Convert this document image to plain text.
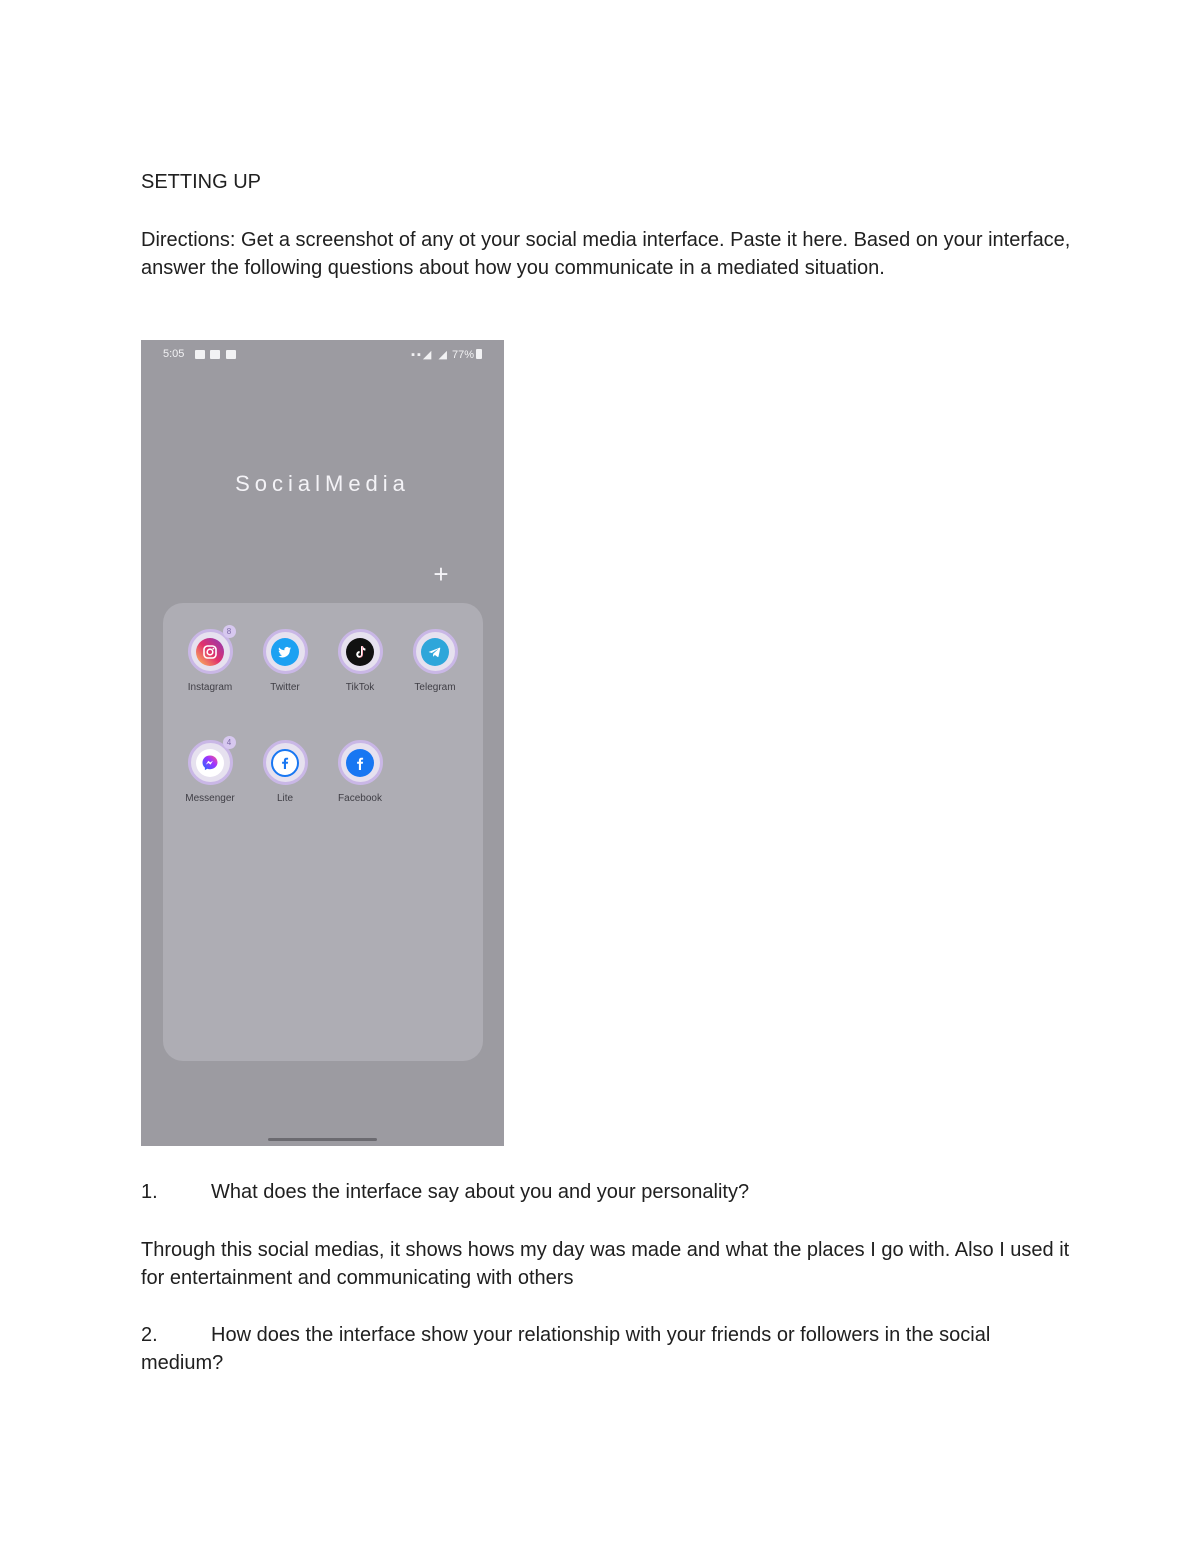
SETTING UP
Directions: Get a screenshot of any ot your social media interface. Paste it here. Based on your interface, answer the following questions about how you communicate in a mediated situation.
5:05	▪▪◢ ◢ 77%
SocialMedia
+
8
Instagram	Twitter	TikTok	Telegram
4
Messenger	Lite	Facebook
1.	What does the interface say about you and your personality?
Through this social medias, it shows hows my day was made and what the places I go with. Also I used it for entertainment and communicating with others
2.	How does the interface show your relationship with your friends or followers in the social medium?
